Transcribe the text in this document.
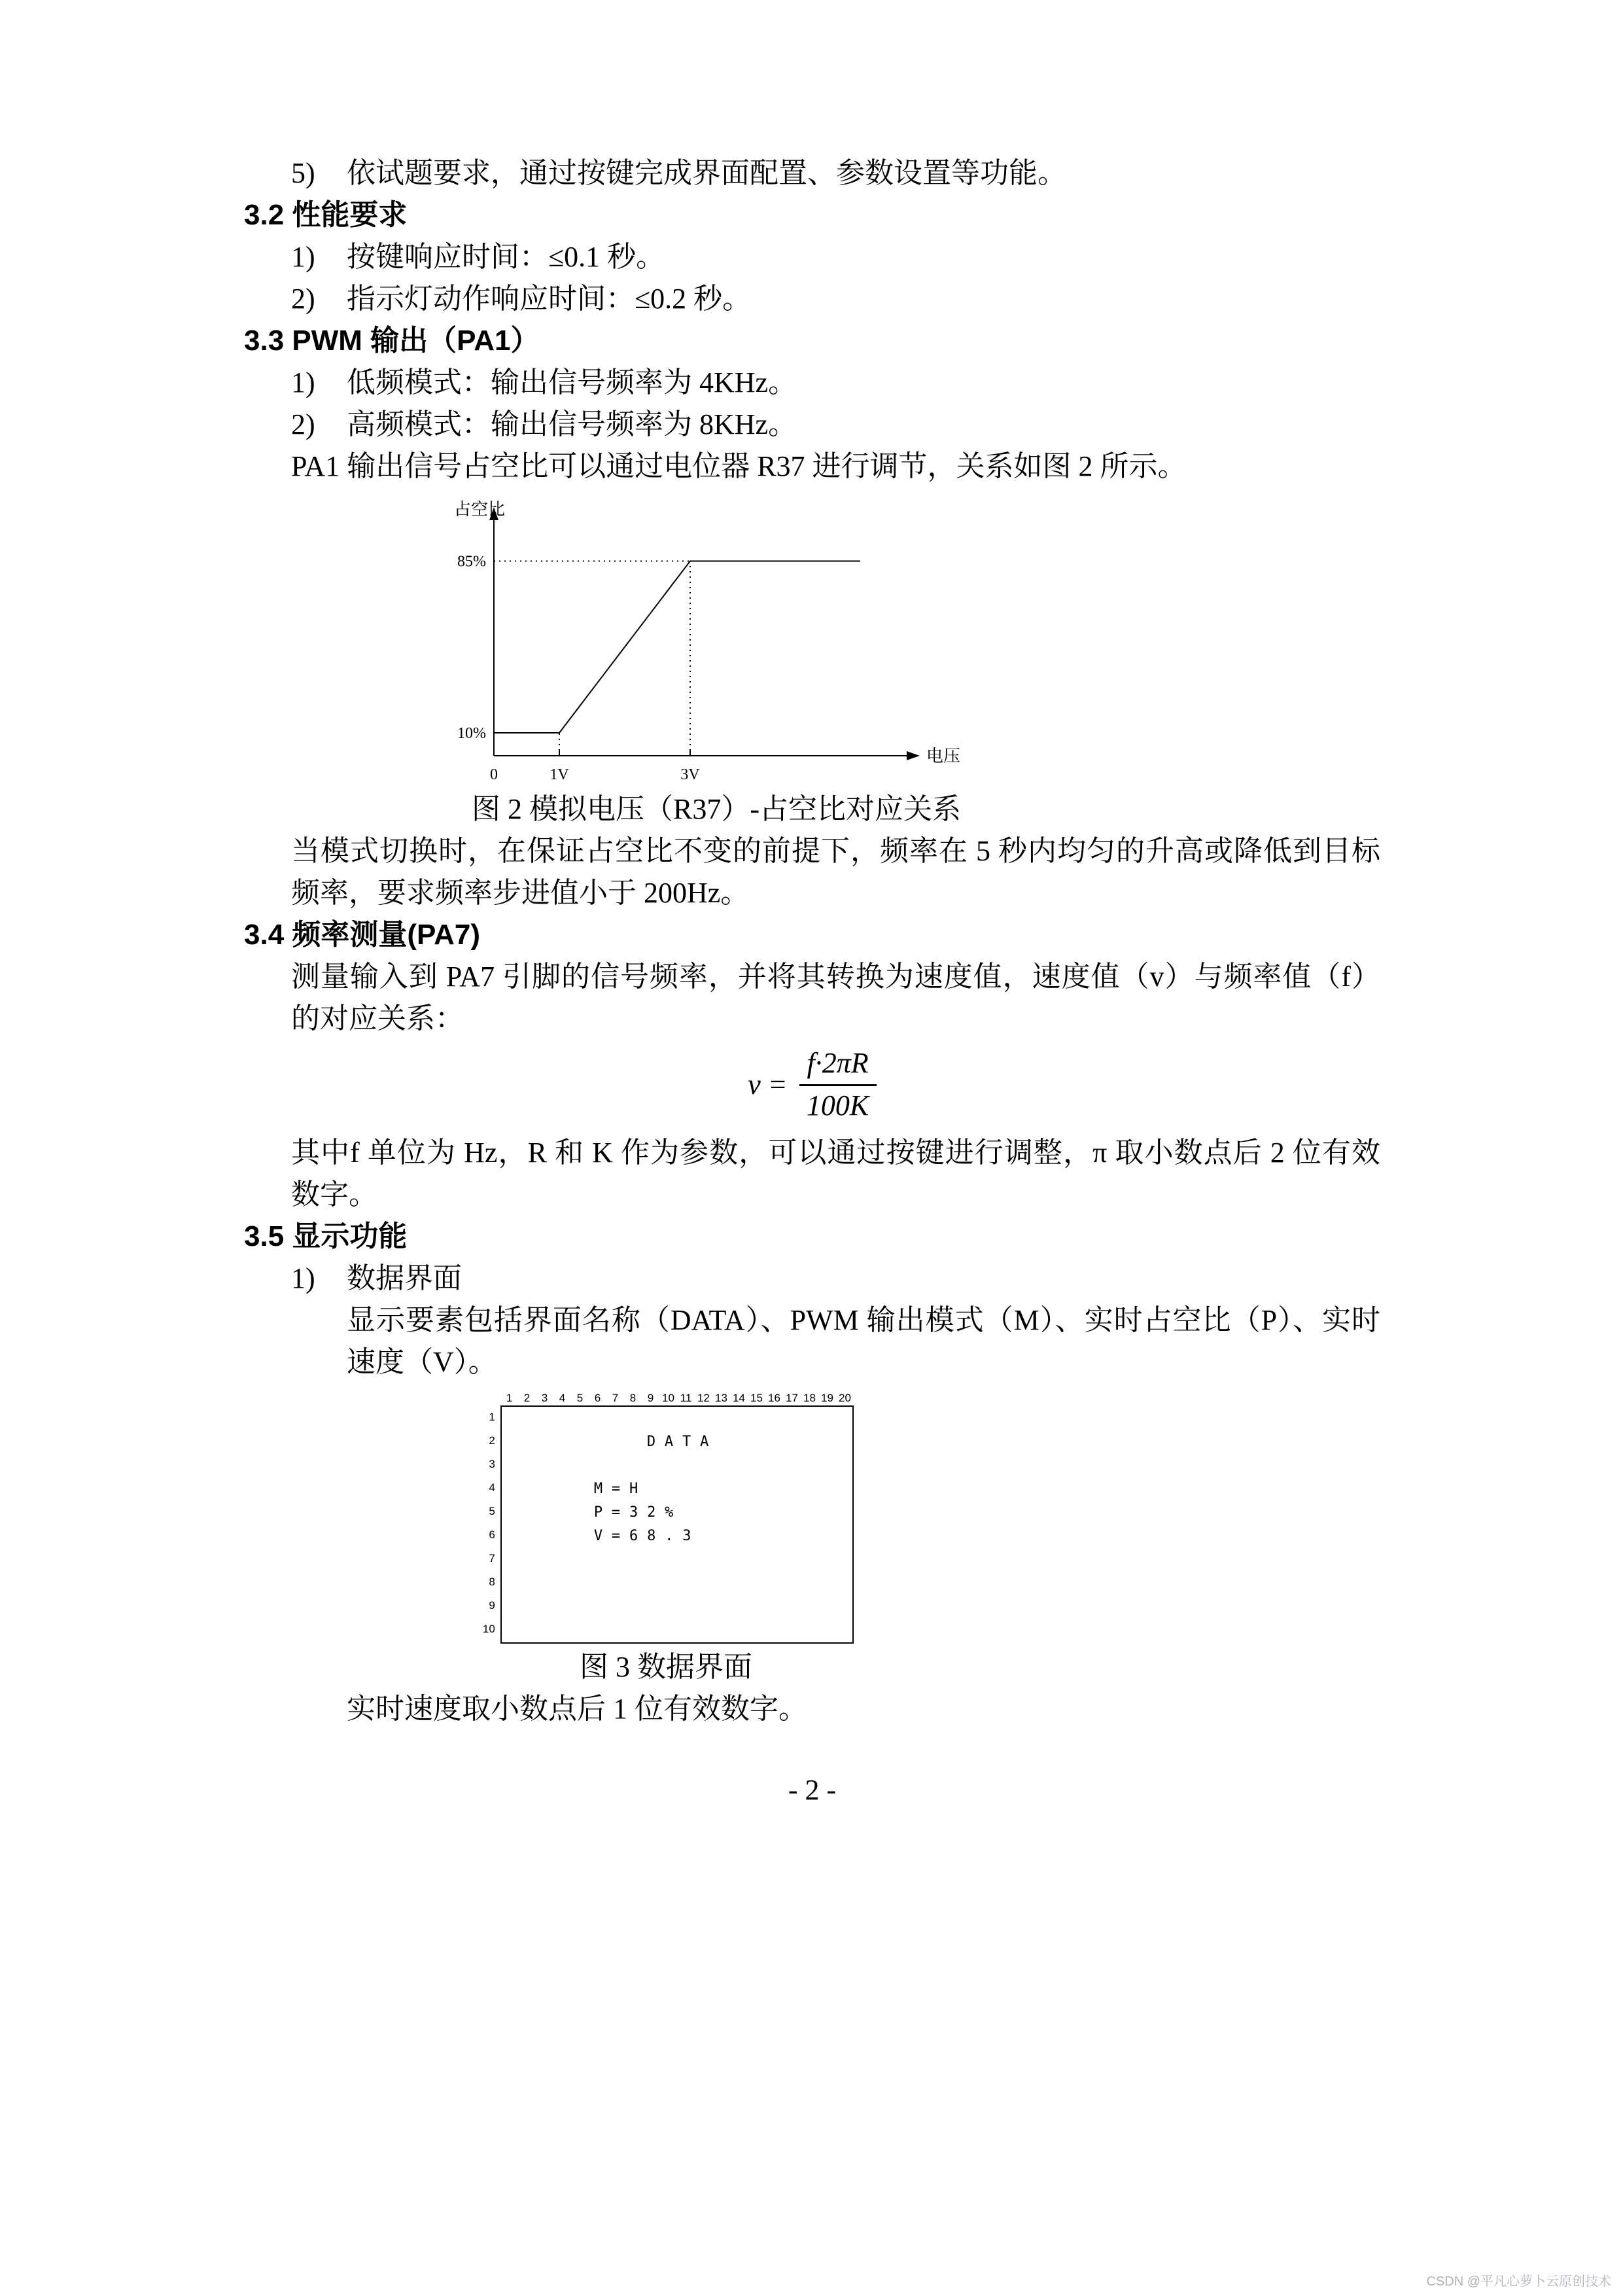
5)	依试题要求，通过按键完成界面配置、参数设置等功能。
3.2 性能要求
1)	按键响应时间：≤0.1 秒。
2)	指示灯动作响应时间：≤0.2 秒。
3.3 PWM 输出（PA1）
1)	低频模式：输出信号频率为 4KHz。
2)	高频模式：输出信号频率为 8KHz。
PA1 输出信号占空比可以通过电位器 R37 进行调节，关系如图 2 所示。
0	1V	3V
10%
85%
占空比
电压
图 2 模拟电压（R37）-占空比对应关系
当模式切换时，在保证占空比不变的前提下，频率在 5 秒内均匀的升高或降低到目标频率，要求频率步进值小于 200Hz。
3.4 频率测量(PA7)
测量输入到 PA7 引脚的信号频率，并将其转换为速度值，速度值（v）与频率值（f）的对应关系：
$v = \frac{f\cdot 2\pi R}{100K}$
其中f 单位为 Hz，R 和 K 作为参数，可以通过按键进行调整，π 取小数点后 2 位有效数字。
3.5 显示功能
1)	数据界面
显示要素包括界面名称（DATA）、PWM 输出模式（M）、实时占空比（P）、实时速度（V）。
1	2	3	4	5	6	7	8	9 10 11 12 13 14 15 16 17 18 19 20
1
2
3
4
5
6
7
8
9
10
D A T A
M = H
P = 3 2 %
V = 6 8 . 3
图 3 数据界面
实时速度取小数点后 1 位有效数字。
- 2 -
CSDN @平凡心萝卜云原创技术
